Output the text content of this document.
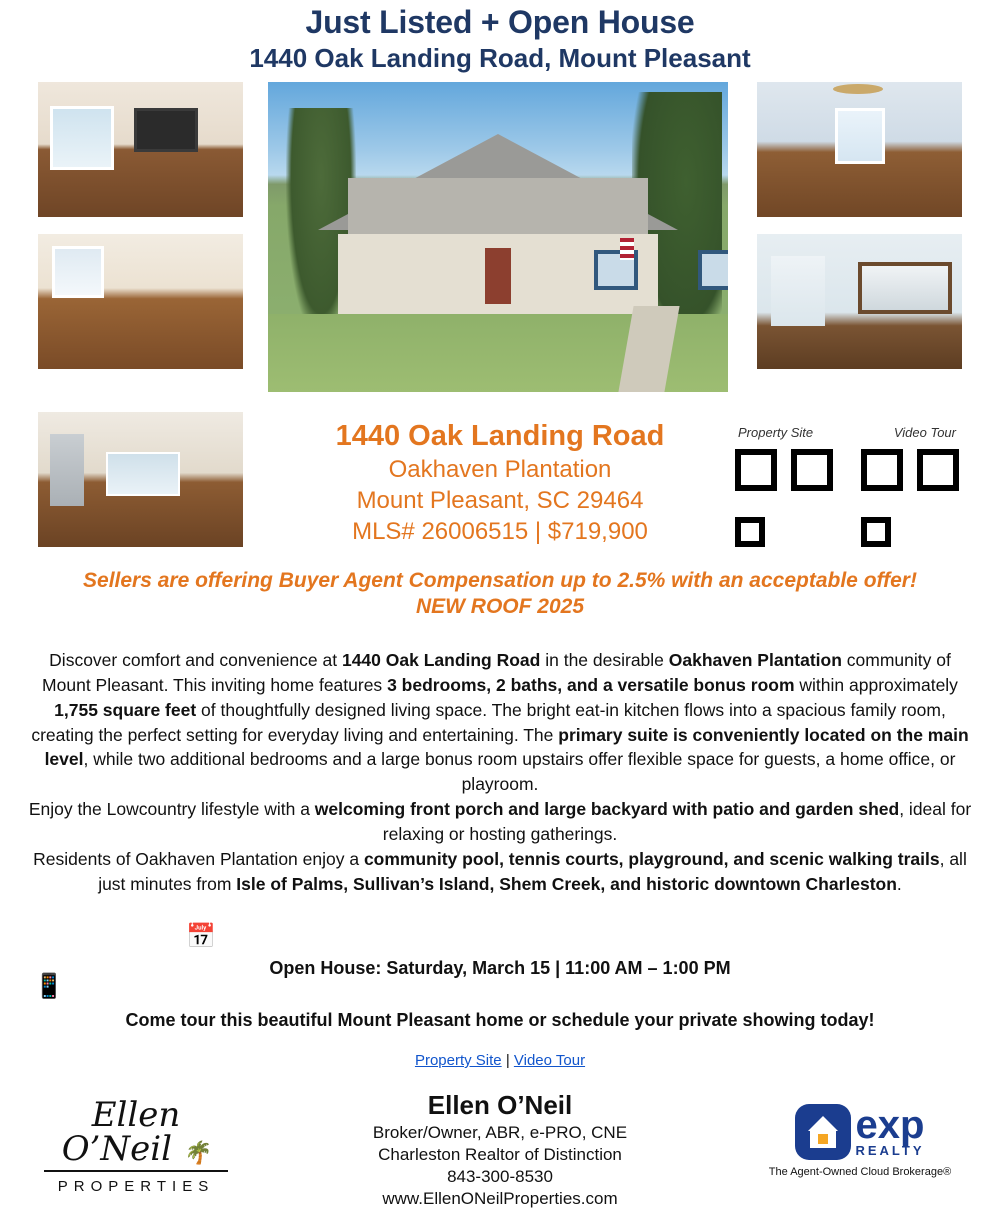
Just Listed + Open House
1440 Oak Landing Road, Mount Pleasant

1440 Oak Landing Road

Oakhaven Plantation

Mount Pleasant, SC 29464

MLS# 26006515 | $719,900

Property Site	Video Tour
Sellers are offering Buyer Agent Compensation up to 2.5% with an acceptable offer!
NEW ROOF 2025

Discover comfort and convenience at 1440 Oak Landing Road in the desirable Oakhaven Plantation community of Mount Pleasant. This inviting home features 3 bedrooms, 2 baths, and a versatile bonus room within approximately 1,755 square feet of thoughtfully designed living space. The bright eat-in kitchen flows into a spacious family room, creating the perfect setting for everyday living and entertaining. The primary suite is conveniently located on the main level, while two additional bedrooms and a large bonus room upstairs offer flexible space for guests, a home office, or playroom.

Enjoy the Lowcountry lifestyle with a welcoming front porch and large backyard with patio and garden shed, ideal for relaxing or hosting gatherings.

Residents of Oakhaven Plantation enjoy a community pool, tennis courts, playground, and scenic walking trails, all just minutes from Isle of Palms, Sullivan’s Island, Shem Creek, and historic downtown Charleston.

📅
📱
Open House: Saturday, March 15 | 11:00 AM – 1:00 PM
Come tour this beautiful Mount Pleasant home or schedule your private showing today!
Property Site | Video Tour
Ellen O’Neil 🌴
PROPERTIES

Ellen O’Neil

Broker/Owner, ABR, e-PRO, CNE

Charleston Realtor of Distinction

843-300-8530

www.EllenONeilProperties.com

exp
REALTY
The Agent-Owned Cloud Brokerage®
